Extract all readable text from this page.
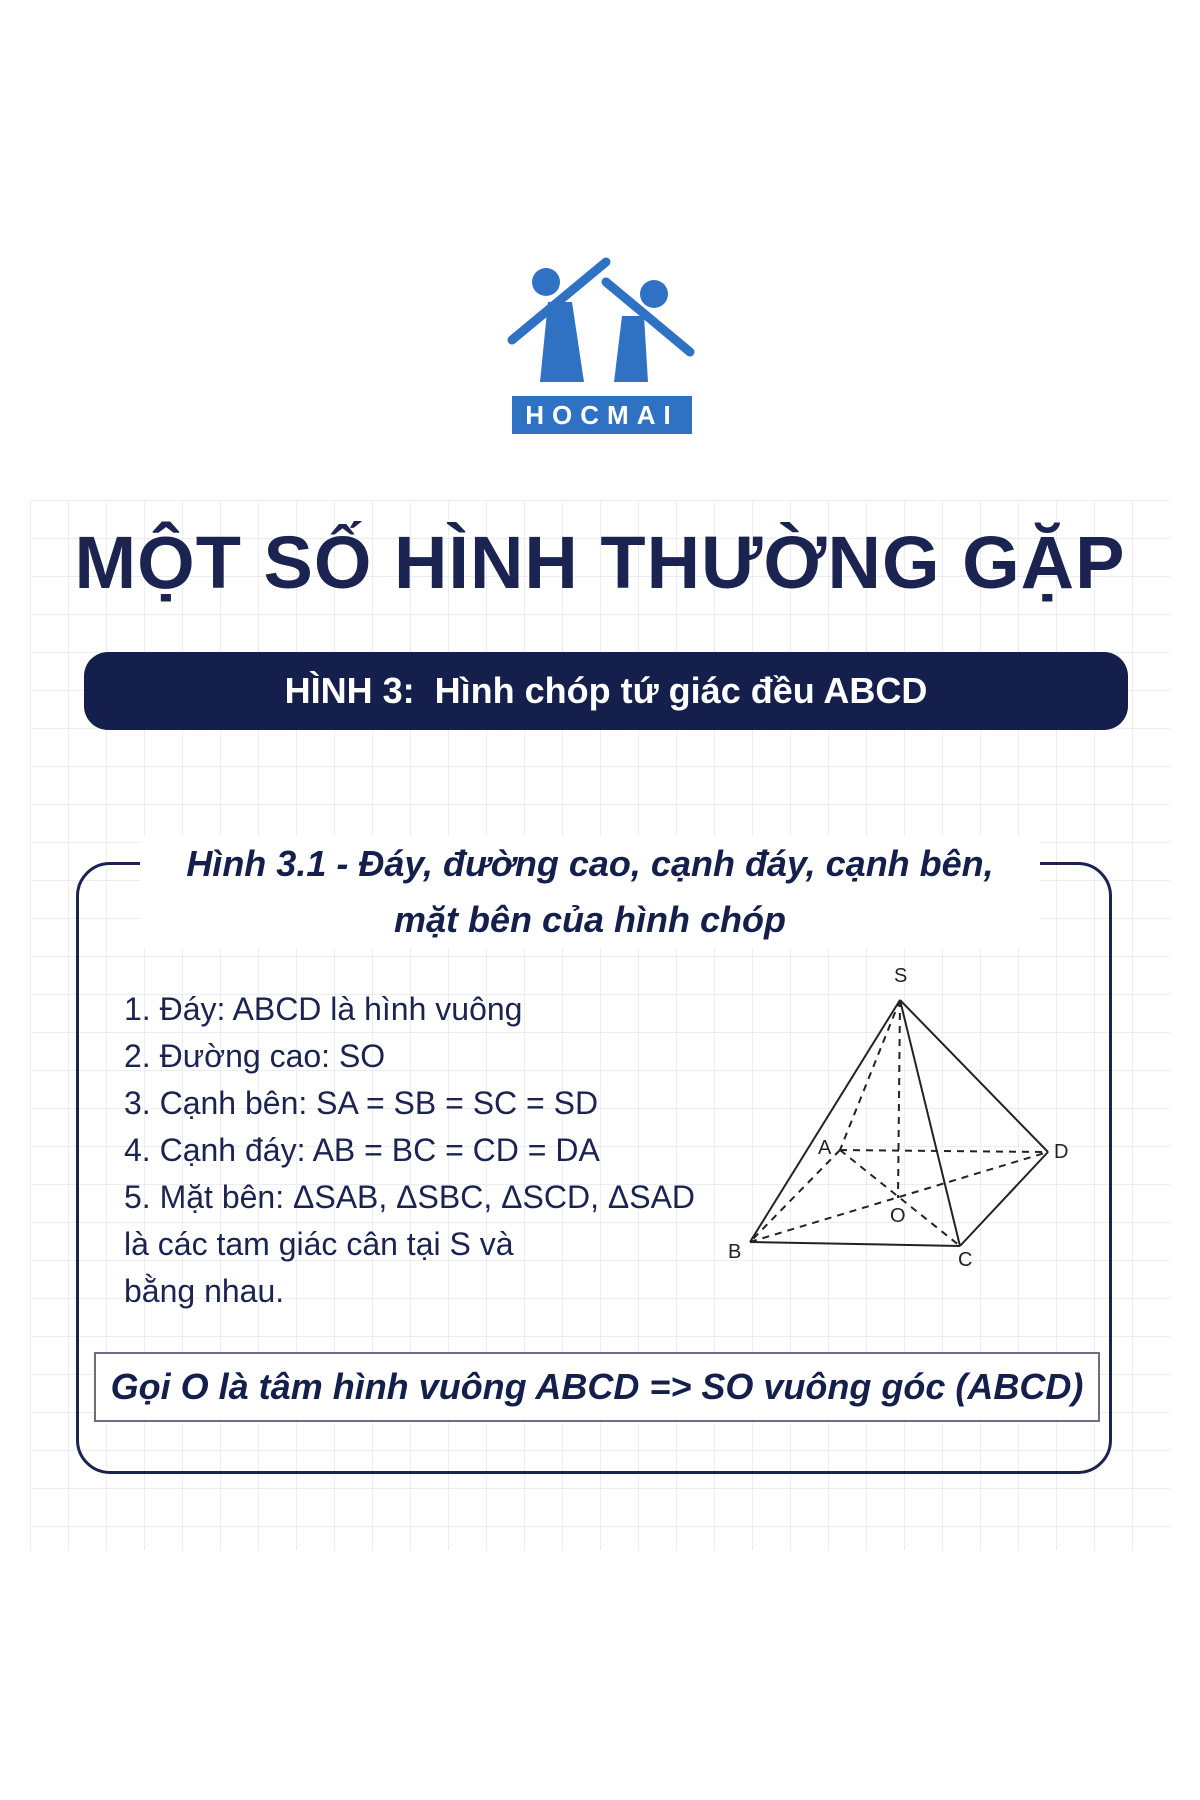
HOCMAI
MỘT SỐ HÌNH THƯỜNG GẶP
HÌNH 3:
Hình chóp tứ giác đều ABCD
Hình 3.1 - Đáy, đường cao, cạnh đáy, cạnh bên,
mặt bên của hình chóp
1. Đáy: ABCD là hình vuông
2. Đường cao: SO
3. Cạnh bên: SA = SB = SC = SD
4. Cạnh đáy: AB = BC = CD = DA
5. Mặt bên: ΔSAB, ΔSBC, ΔSCD, ΔSAD
là các tam giác cân tại S và
bằng nhau.
S
A
B	C
D
O
Gọi O là tâm hình vuông ABCD => SO vuông góc (ABCD)
